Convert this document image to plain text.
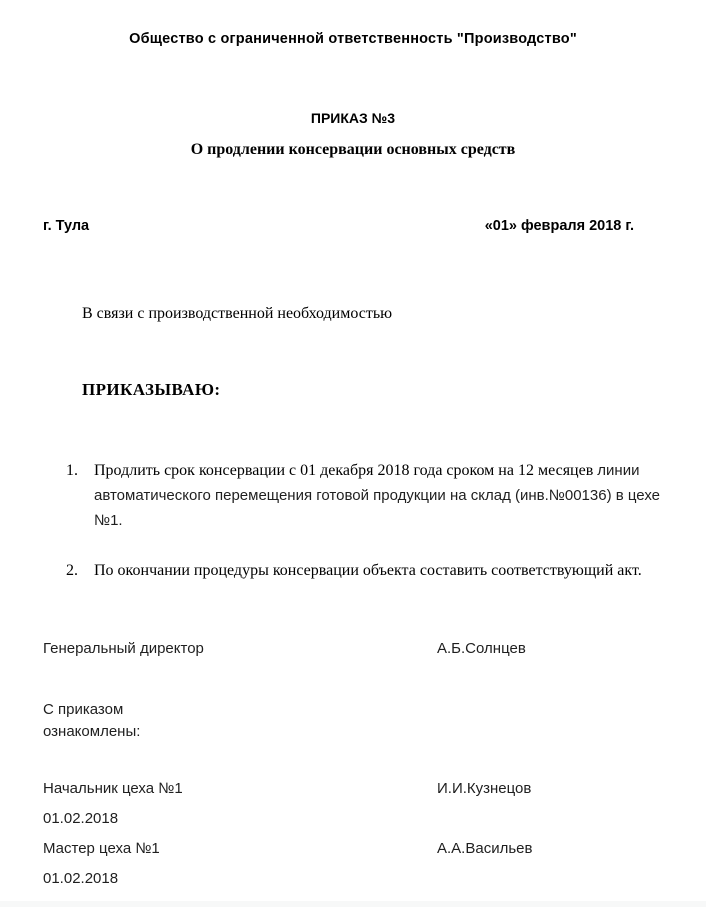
Общество с ограниченной ответственность "Производство"
ПРИКАЗ №3
О продлении консервации основных средств
г. Тула	«01» февраля 2018 г.
В связи с производственной необходимостью
ПРИКАЗЫВАЮ:
1.	Продлить срок консервации с 01 декабря 2018 года сроком на 12 месяцев линии автоматического перемещения готовой продукции на склад (инв.№00136) в цехе №1.
2.	По окончании процедуры консервации объекта составить соответствующий акт.
Генеральный директор	А.Б.Солнцев
С приказом
ознакомлены:
Начальник цеха №1	И.И.Кузнецов
01.02.2018
Мастер цеха №1	А.А.Васильев
01.02.2018
